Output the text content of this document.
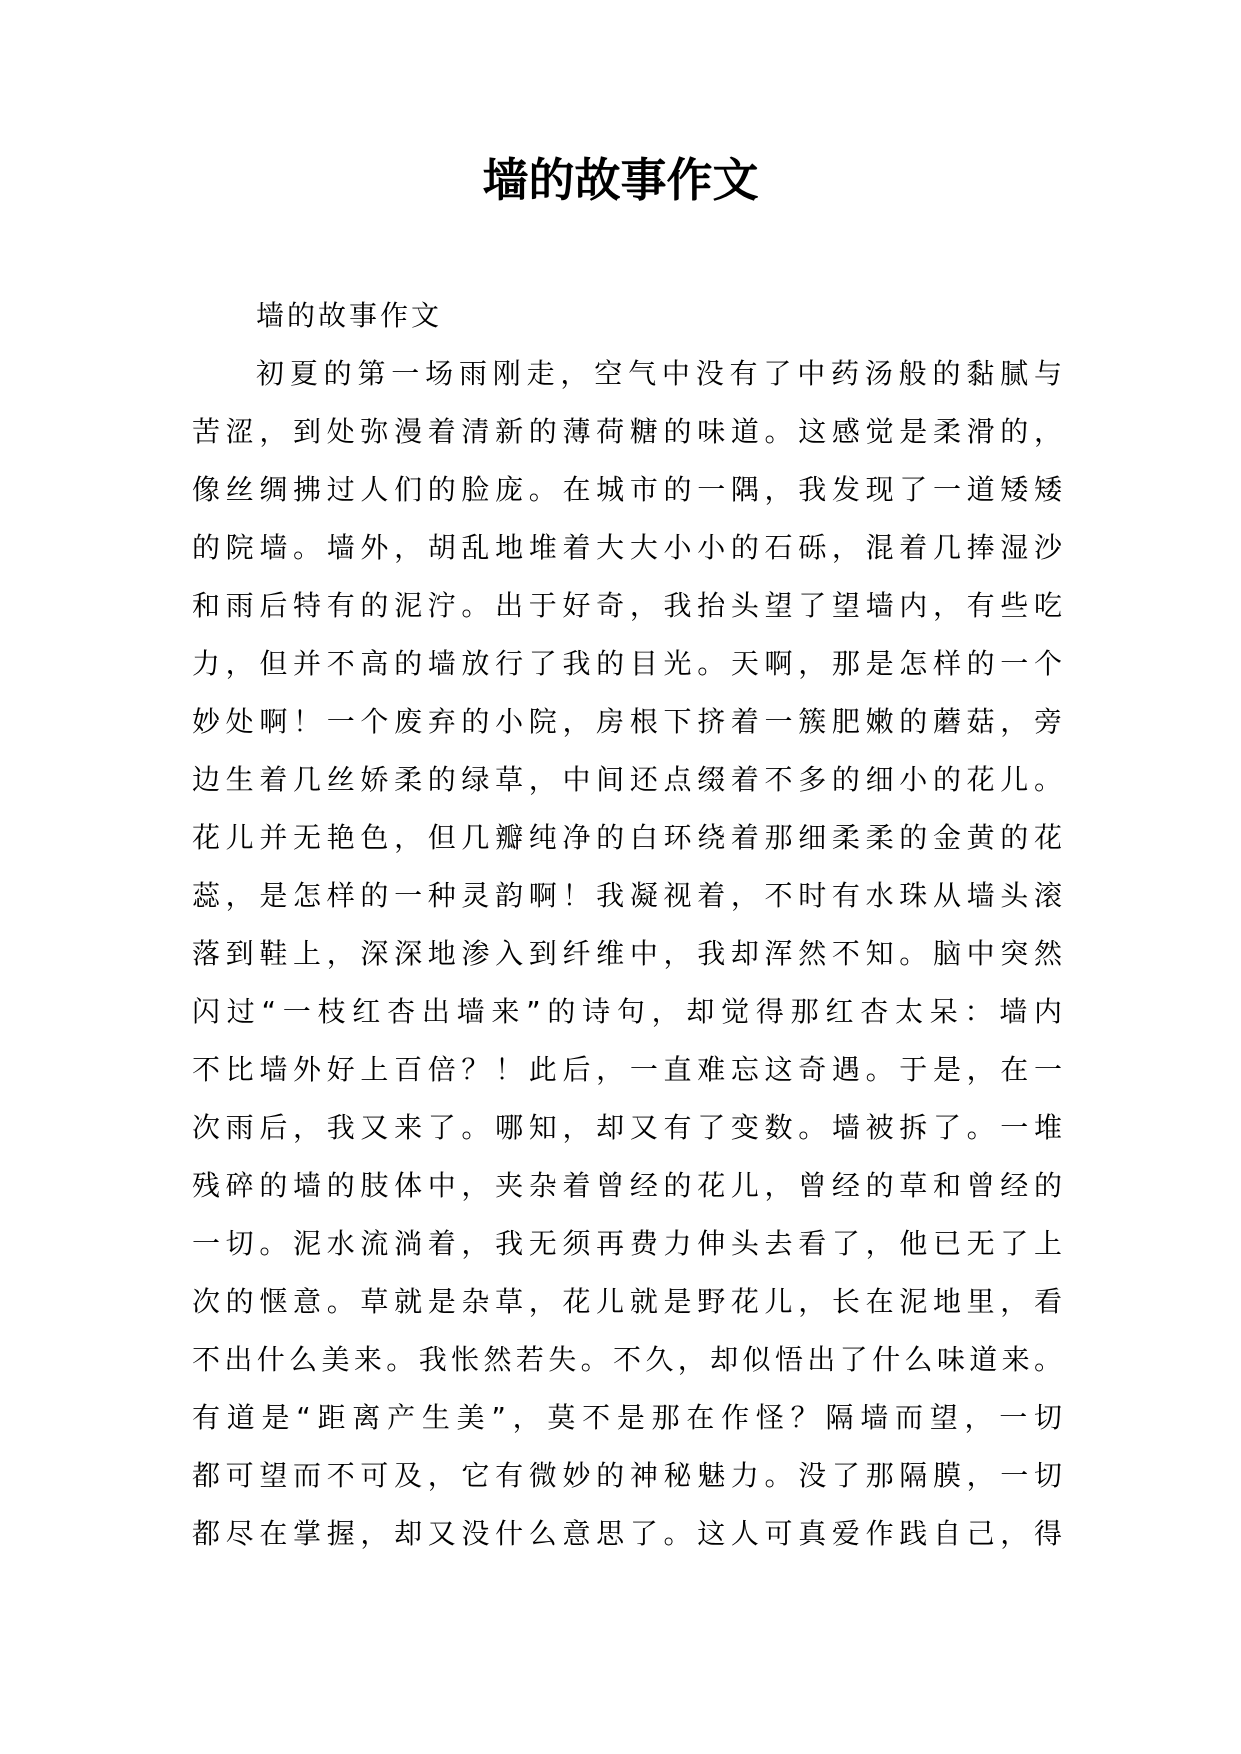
墙的故事作文
墙的故事作文
初夏的第一场雨刚走，空气中没有了中药汤般的黏腻与
苦涩，到处弥漫着清新的薄荷糖的味道。这感觉是柔滑的，
像丝绸拂过人们的脸庞。在城市的一隅，我发现了一道矮矮
的院墙。墙外，胡乱地堆着大大小小的石砾，混着几捧湿沙
和雨后特有的泥泞。出于好奇，我抬头望了望墙内，有些吃
力，但并不高的墙放行了我的目光。天啊，那是怎样的一个
妙处啊！一个废弃的小院，房根下挤着一簇肥嫩的蘑菇，旁
边生着几丝娇柔的绿草，中间还点缀着不多的细小的花儿。
花儿并无艳色，但几瓣纯净的白环绕着那细柔柔的金黄的花
蕊，是怎样的一种灵韵啊！我凝视着，不时有水珠从墙头滚
落到鞋上，深深地渗入到纤维中，我却浑然不知。脑中突然
闪过“一枝红杏出墙来”的诗句，却觉得那红杏太呆：墙内
不比墙外好上百倍？！此后，一直难忘这奇遇。于是，在一
次雨后，我又来了。哪知，却又有了变数。墙被拆了。一堆
残碎的墙的肢体中，夹杂着曾经的花儿，曾经的草和曾经的
一切。泥水流淌着，我无须再费力伸头去看了，他已无了上
次的惬意。草就是杂草，花儿就是野花儿，长在泥地里，看
不出什么美来。我怅然若失。不久，却似悟出了什么味道来。
有道是“距离产生美”，莫不是那在作怪？隔墙而望，一切
都可望而不可及，它有微妙的神秘魅力。没了那隔膜，一切
都尽在掌握，却又没什么意思了。这人可真爱作践自己，得
